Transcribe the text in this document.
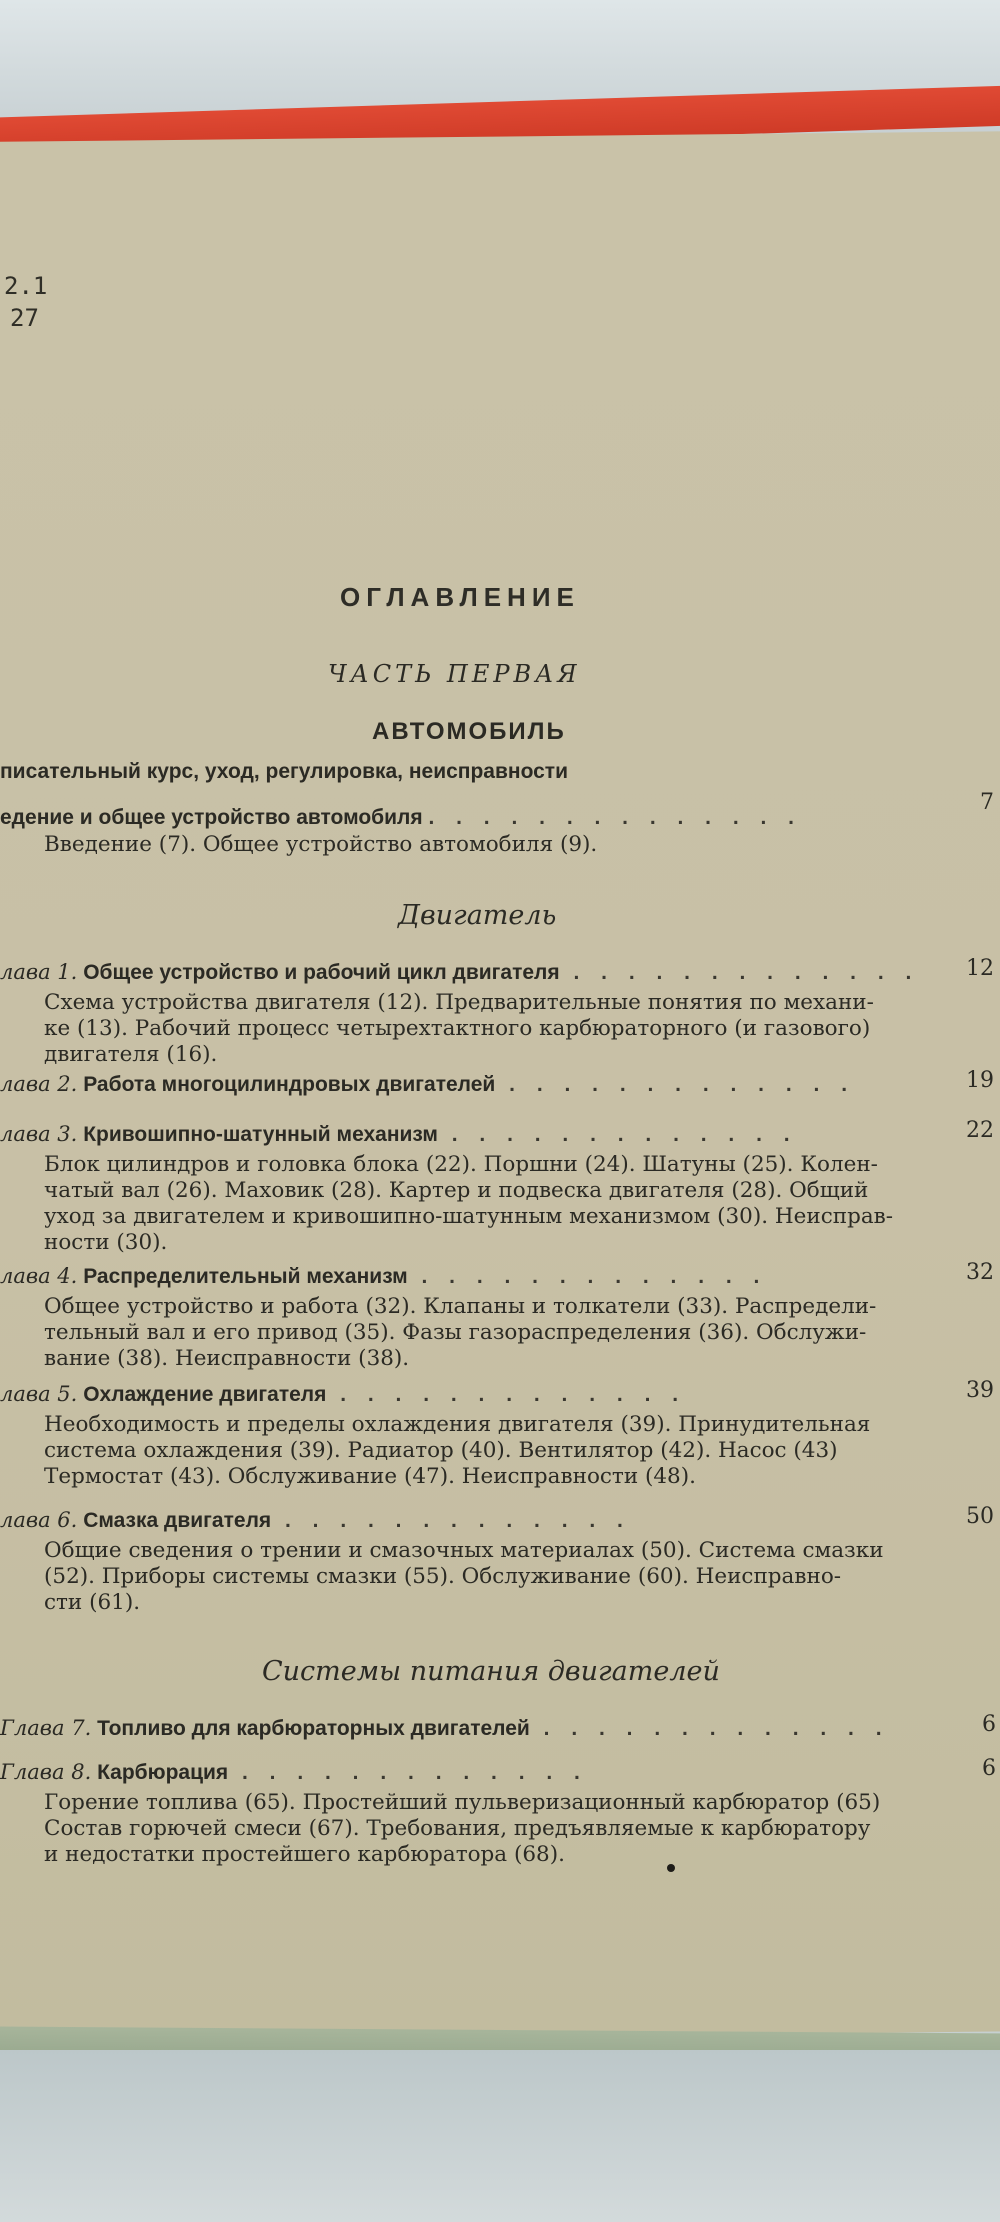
2.1
27
ОГЛАВЛЕНИЕ
ЧАСТЬ ПЕРВАЯ
АВТОМОБИЛЬ
писательный курс, уход, регулировка, неисправности
едение и общее устройство автомобиля . . . . . . . . . . . . . .
7
Введение (7). Общее устройство автомобиля (9).
Двигатель
лава 1. Общее устройство и рабочий цикл двигателя . . . . . . . . . . . . . 12
Схема устройства двигателя (12). Предварительные понятия по механи-
ке (13). Рабочий процесс четырехтактного карбюраторного (и газового)
двигателя (16).
лава 2. Работа многоцилиндровых двигателей . . . . . . . . . . . . .	19
лава 3. Кривошипно-шатунный механизм . . . . . . . . . . . . .	22
Блок цилиндров и головка блока (22). Поршни (24). Шатуны (25). Колен-
чатый вал (26). Маховик (28). Картер и подвеска двигателя (28). Общий
уход за двигателем и кривошипно-шатунным механизмом (30). Неисправ-
ности (30).
лава 4. Распределительный механизм . . . . . . . . . . . . .	32
Общее устройство и работа (32). Клапаны и толкатели (33). Распредели-
тельный вал и его привод (35). Фазы газораспределения (36). Обслужи-
вание (38). Неисправности (38).
лава 5. Охлаждение двигателя . . . . . . . . . . . . .	39
Необходимость и пределы охлаждения двигателя (39). Принудительная
система охлаждения (39). Радиатор (40). Вентилятор (42). Насос (43)
Термостат (43). Обслуживание (47). Неисправности (48).
лава 6. Смазка двигателя . . . . . . . . . . . . .	50
Общие сведения о трении и смазочных материалах (50). Система смазки
(52). Приборы системы смазки (55). Обслуживание (60). Неисправно-
сти (61).
Системы питания двигателей
Глава 7. Топливо для карбюраторных двигателей . . . . . . . . . . . . .	6
Глава 8. Карбюрация . . . . . . . . . . . . .	6
Горение топлива (65). Простейший пульверизационный карбюратор (65)
Состав горючей смеси (67). Требования, предъявляемые к карбюратору
и недостатки простейшего карбюратора (68).
